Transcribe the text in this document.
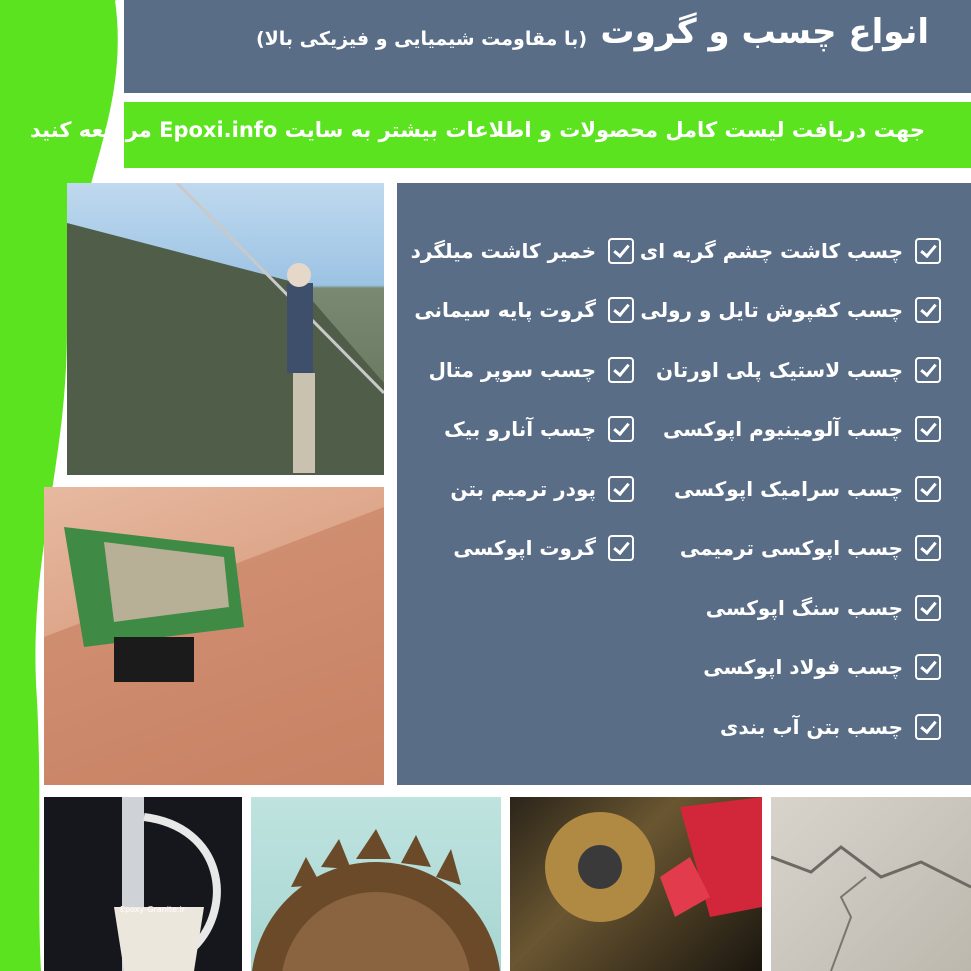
انواع چسب و گروت
(با مقاومت شیمیایی و فیزیکی بالا)
جهت دریافت لیست کامل محصولات و اطلاعات بیشتر به سایت Epoxi.info مراجعه کنید
Epoxy-Granite.ir
چسب کاشت چشم گربه ای
چسب کفپوش تایل و رولی
چسب لاستیک پلی اورتان
چسب آلومینیوم اپوکسی
چسب سرامیک اپوکسی
چسب اپوکسی ترمیمی
چسب سنگ اپوکسی
چسب فولاد اپوکسی
چسب بتن آب بندی
خمیر کاشت میلگرد
گروت پایه سیمانی
چسب سوپر متال
چسب آنارو بیک
پودر ترمیم بتن
گروت اپوکسی
